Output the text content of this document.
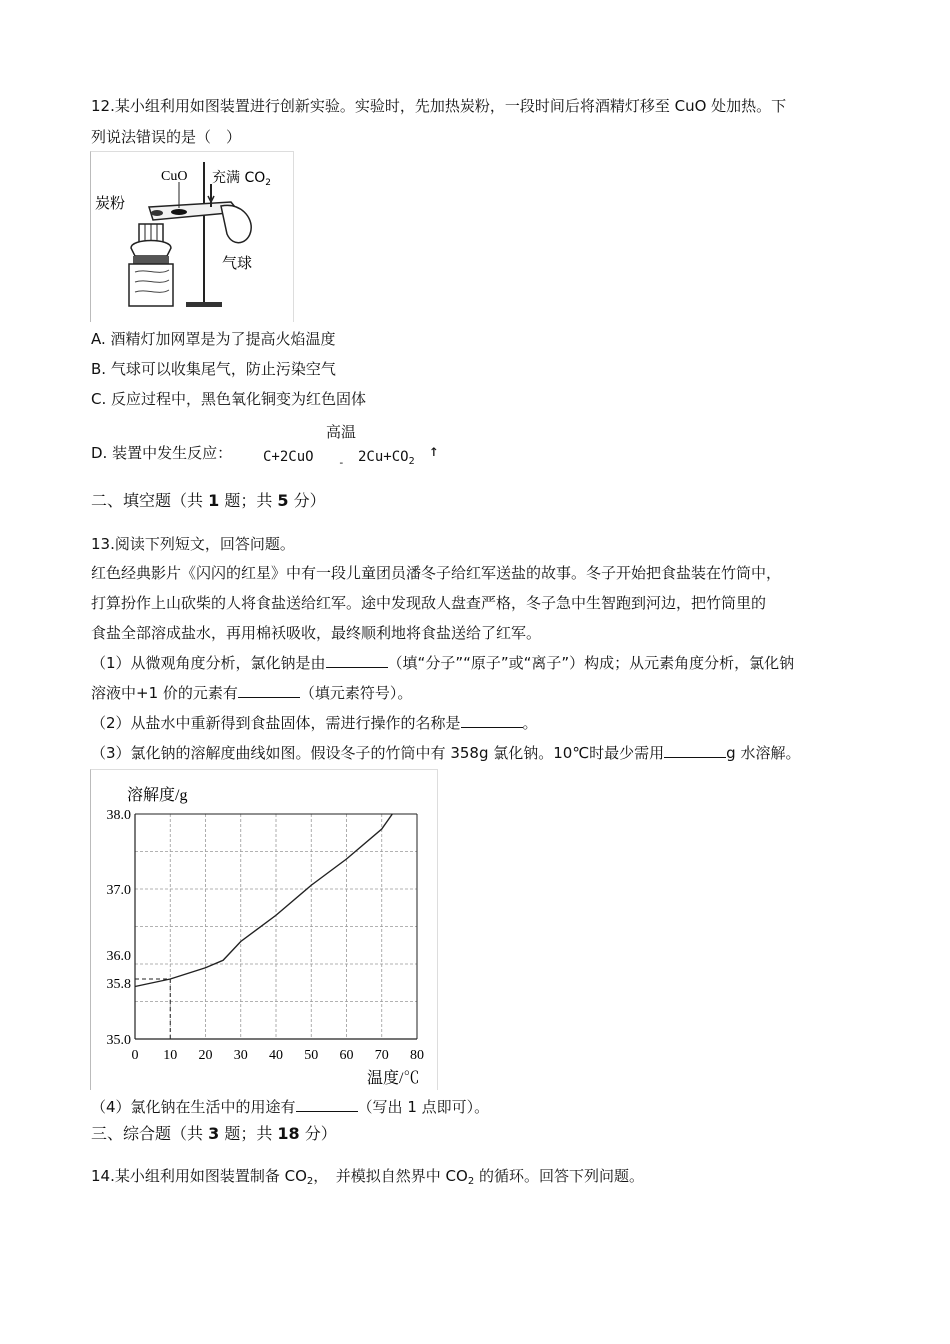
12.某小组利用如图装置进行创新实验。实验时，先加热炭粉，一段时间后将酒精灯移至 CuO 处加热。下
列说法错误的是（　）
CuO 充满 $CO_2$
炭粉
气球
A. 酒精灯加网罩是为了提高火焰温度
B. 气球可以收集尾气，防止污染空气
C. 反应过程中，黑色氧化铜变为红色固体
D. 装置中发生反应：
高温
$C+2CuO - 2Cu+CO_2$
↑
二、填空题（共 1 题；共 5 分）
13.阅读下列短文，回答问题。
红色经典影片《闪闪的红星》中有一段儿童团员潘冬子给红军送盐的故事。冬子开始把食盐装在竹筒中，
打算扮作上山砍柴的人将食盐送给红军。途中发现敌人盘查严格，冬子急中生智跑到河边，把竹筒里的
食盐全部溶成盐水，再用棉袄吸收，最终顺利地将食盐送给了红军。
（1）从微观角度分析，氯化钠是由	（填“分子”“原子”或“离子”）构成；从元素角度分析，氯化钠
溶液中+1 价的元素有	（填元素符号）。
（2）从盐水中重新得到食盐固体，需进行操作的名称是	。
（3）氯化钠的溶解度曲线如图。假设冬子的竹筒中有 358g 氯化钠。10℃时最少需用	g 水溶解。
0 10 20 30 40 50 60 70 80
35.0
35.8
36.0
37.0
38.0
溶解度/g
温度/℃
（4）氯化钠在生活中的用途有	（写出 1 点即可）。
三、综合题（共 3 题；共 18 分）
14.某小组利用如图装置制备 $CO_2$，　并模拟自然界中 $CO_2$ 的循环。回答下列问题。
